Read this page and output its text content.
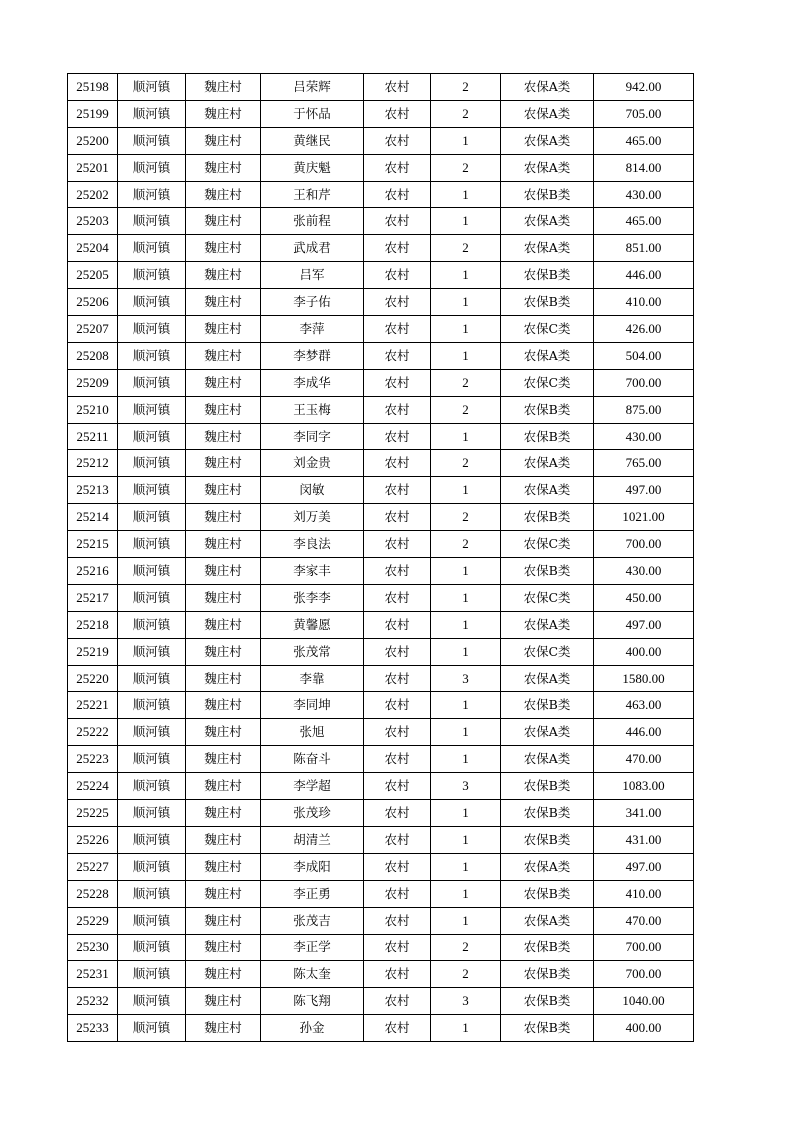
25198	顺河镇	魏庄村	吕荣辉	农村	2	农保A类	942.00
25199	顺河镇	魏庄村	于怀品	农村	2	农保A类	705.00
25200	顺河镇	魏庄村	黄继民	农村	1	农保A类	465.00
25201	顺河镇	魏庄村	黄庆魁	农村	2	农保A类	814.00
25202	顺河镇	魏庄村	王和芹	农村	1	农保B类	430.00
25203	顺河镇	魏庄村	张前程	农村	1	农保A类	465.00
25204	顺河镇	魏庄村	武成君	农村	2	农保A类	851.00
25205	顺河镇	魏庄村	吕军	农村	1	农保B类	446.00
25206	顺河镇	魏庄村	李子佑	农村	1	农保B类	410.00
25207	顺河镇	魏庄村	李萍	农村	1	农保C类	426.00
25208	顺河镇	魏庄村	李梦群	农村	1	农保A类	504.00
25209	顺河镇	魏庄村	李成华	农村	2	农保C类	700.00
25210	顺河镇	魏庄村	王玉梅	农村	2	农保B类	875.00
25211	顺河镇	魏庄村	李同字	农村	1	农保B类	430.00
25212	顺河镇	魏庄村	刘金贵	农村	2	农保A类	765.00
25213	顺河镇	魏庄村	闵敏	农村	1	农保A类	497.00
25214	顺河镇	魏庄村	刘万美	农村	2	农保B类	1021.00
25215	顺河镇	魏庄村	李良法	农村	2	农保C类	700.00
25216	顺河镇	魏庄村	李家丰	农村	1	农保B类	430.00
25217	顺河镇	魏庄村	张李李	农村	1	农保C类	450.00
25218	顺河镇	魏庄村	黄馨愿	农村	1	农保A类	497.00
25219	顺河镇	魏庄村	张茂常	农村	1	农保C类	400.00
25220	顺河镇	魏庄村	李靠	农村	3	农保A类	1580.00
25221	顺河镇	魏庄村	李同坤	农村	1	农保B类	463.00
25222	顺河镇	魏庄村	张旭	农村	1	农保A类	446.00
25223	顺河镇	魏庄村	陈奋斗	农村	1	农保A类	470.00
25224	顺河镇	魏庄村	李学超	农村	3	农保B类	1083.00
25225	顺河镇	魏庄村	张茂珍	农村	1	农保B类	341.00
25226	顺河镇	魏庄村	胡清兰	农村	1	农保B类	431.00
25227	顺河镇	魏庄村	李成阳	农村	1	农保A类	497.00
25228	顺河镇	魏庄村	李正勇	农村	1	农保B类	410.00
25229	顺河镇	魏庄村	张茂吉	农村	1	农保A类	470.00
25230	顺河镇	魏庄村	李正学	农村	2	农保B类	700.00
25231	顺河镇	魏庄村	陈太奎	农村	2	农保B类	700.00
25232	顺河镇	魏庄村	陈飞翔	农村	3	农保B类	1040.00
25233	顺河镇	魏庄村	孙金	农村	1	农保B类	400.00
